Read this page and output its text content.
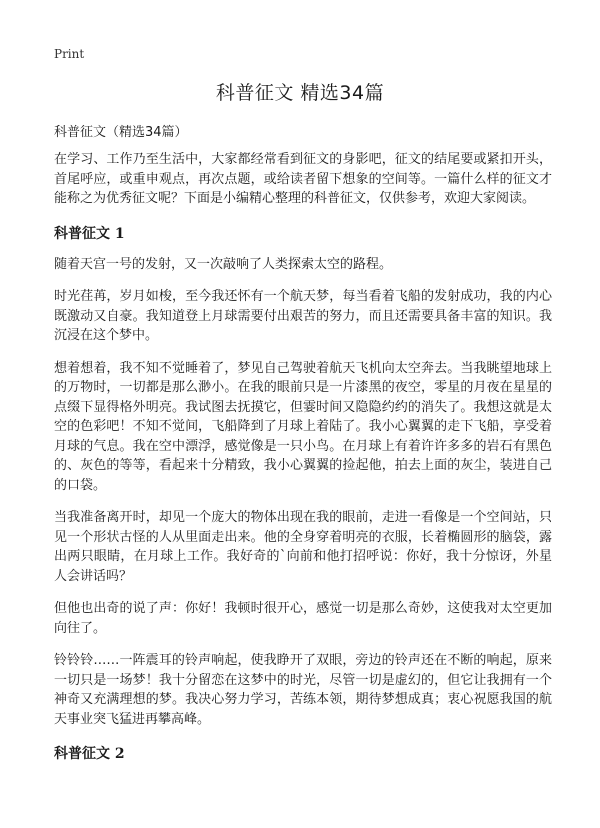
Print
科普征文 精选34篇

科普征文（精选34篇）

在学习、工作乃至生活中，大家都经常看到征文的身影吧，征文的结尾要或紧扣开头，首尾呼应，或重申观点，再次点题，或给读者留下想象的空间等。一篇什么样的征文才能称之为优秀征文呢？下面是小编精心整理的科普征文，仅供参考，欢迎大家阅读。

科普征文 1

随着天宫一号的发射，又一次敲响了人类探索太空的路程。

时光荏苒，岁月如梭，至今我还怀有一个航天梦，每当看着飞船的发射成功，我的内心既激动又自豪。我知道登上月球需要付出艰苦的努力，而且还需要具备丰富的知识。我沉浸在这个梦中。

想着想着，我不知不觉睡着了，梦见自己驾驶着航天飞机向太空奔去。当我眺望地球上的万物时，一切都是那么渺小。在我的眼前只是一片漆黑的夜空，零星的月夜在星星的点缀下显得格外明亮。我试图去抚摸它，但霎时间又隐隐约约的消失了。我想这就是太空的色彩吧！不知不觉间，飞船降到了月球上着陆了。我小心翼翼的走下飞船，享受着月球的气息。我在空中漂浮，感觉像是一只小鸟。在月球上有着许许多多的岩石有黑色的、灰色的等等，看起来十分精致，我小心翼翼的捡起他，拍去上面的灰尘，装进自己的口袋。

当我准备离开时，却见一个庞大的物体出现在我的眼前，走进一看像是一个空间站，只见一个形状古怪的人从里面走出来。他的全身穿着明亮的衣服，长着椭圆形的脑袋，露出两只眼睛，在月球上工作。我好奇的`向前和他打招呼说：你好，我十分惊讶，外星人会讲话吗？

但他也出奇的说了声：你好！我顿时很开心，感觉一切是那么奇妙，这使我对太空更加向往了。

铃铃铃……一阵震耳的铃声响起，使我睁开了双眼，旁边的铃声还在不断的响起，原来一切只是一场梦！我十分留恋在这梦中的时光，尽管一切是虚幻的，但它让我拥有一个神奇又充满理想的梦。我决心努力学习，苦练本领，期待梦想成真；衷心祝愿我国的航天事业突飞猛进再攀高峰。

科普征文 2
